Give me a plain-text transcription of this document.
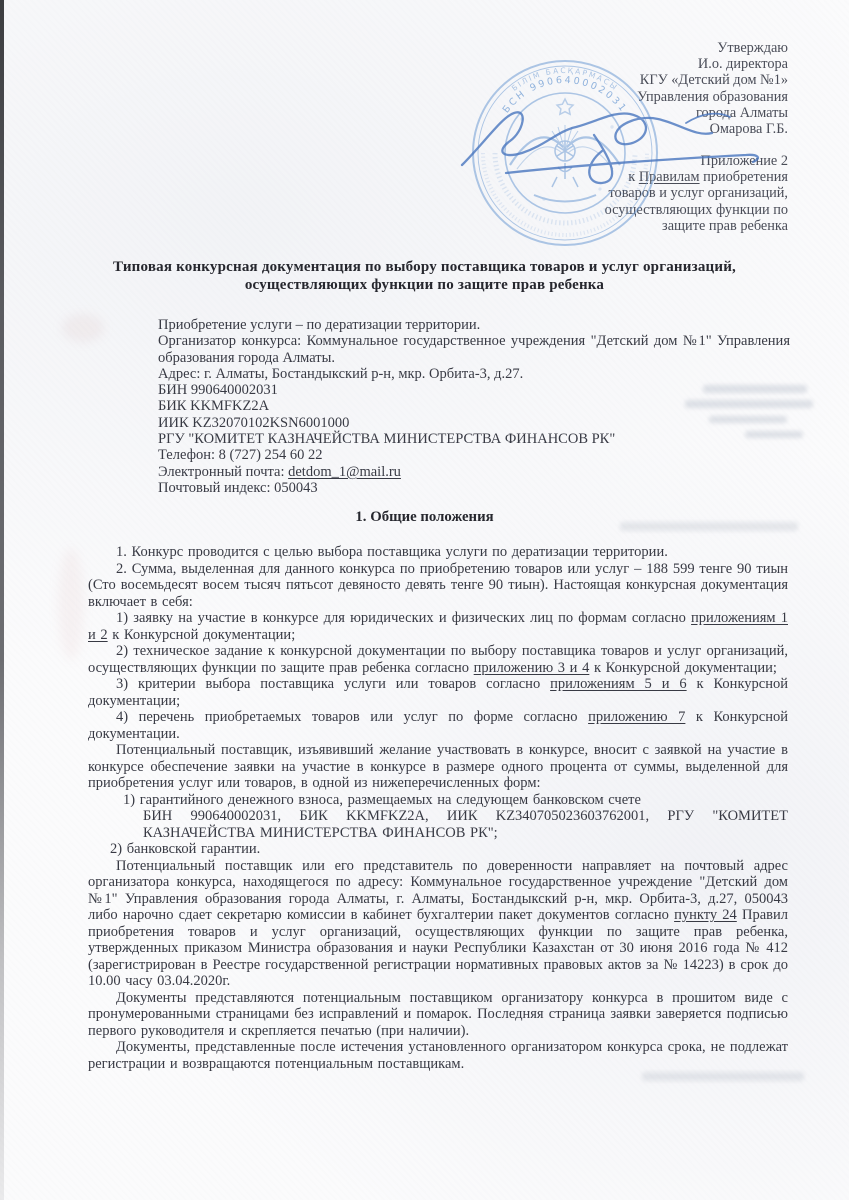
Утверждаю
И.о. директора
КГУ «Детский дом №1»
Управления образования
города Алматы
Омарова Г.Б.
Приложение 2
к Правилам приобретения
товаров и услуг организаций,
осуществляющих функции по
защите прав ребенка
БСН 990640002031
БІЛІМ БАСҚАРМАСЫ
Типовая конкурсная документация по выбору поставщика товаров и услуг организаций,
осуществляющих функции по защите прав ребенка
Приобретение услуги – по дератизации территории.
Организатор конкурса: Коммунальное государственное учреждения "Детский дом №1" Управления образования города Алматы.
Адрес: г. Алматы, Бостандыкский р-н, мкр. Орбита-3, д.27.
БИН 990640002031
БИК KKMFKZ2A
ИИК KZ32070102KSN6001000
РГУ "КОМИТЕТ КАЗНАЧЕЙСТВА МИНИСТЕРСТВА ФИНАНСОВ РК"
Телефон: 8 (727) 254 60 22
Электронный почта: detdom_1@mail.ru
Почтовый индекс: 050043
1. Общие положения

1. Конкурс проводится с целью выбора поставщика услуги по дератизации территории.

2. Сумма, выделенная для данного конкурса по приобретению товаров или услуг – 188 599 тенге 90 тиын (Сто восемьдесят восем тысяч пятьсот девяносто девять тенге 90 тиын). Настоящая конкурсная документация включает в себя:

1) заявку на участие в конкурсе для юридических и физических лиц по формам согласно приложениям 1 и 2 к Конкурсной документации;

2) техническое задание к конкурсной документации по выбору поставщика товаров и услуг организаций, осуществляющих функции по защите прав ребенка согласно приложению 3 и 4 к Конкурсной документации;

3) критерии выбора поставщика услуги или товаров согласно приложениям 5 и 6 к Конкурсной документации;

4) перечень приобретаемых товаров или услуг по форме согласно приложению 7 к Конкурсной документации.

Потенциальный поставщик, изъявивший желание участвовать в конкурсе, вносит с заявкой на участие в конкурсе обеспечение заявки на участие в конкурсе в размере одного процента от суммы, выделенной для приобретения услуг или товаров, в одной из нижеперечисленных форм:

1) гарантийного денежного взноса, размещаемых на следующем банковском счете

БИН 990640002031, БИК KKMFKZ2A, ИИК KZ340705023603762001, РГУ "КОМИТЕТ КАЗНАЧЕЙСТВА МИНИСТЕРСТВА ФИНАНСОВ РК";

2) банковской гарантии.

Потенциальный поставщик или его представитель по доверенности направляет на почтовый адрес организатора конкурса, находящегося по адресу: Коммунальное государственное учреждение "Детский дом №1" Управления образования города Алматы, г. Алматы, Бостандыкский р-н, мкр. Орбита-3, д.27, 050043 либо нарочно сдает секретарю комиссии в кабинет бухгалтерии пакет документов согласно пункту 24 Правил приобретения товаров и услуг организаций, осуществляющих функции по защите прав ребенка, утвержденных приказом Министра образования и науки Республики Казахстан от 30 июня 2016 года № 412 (зарегистрирован в Реестре государственной регистрации нормативных правовых актов за № 14223) в срок до 10.00 часу 03.04.2020г.

Документы представляются потенциальным поставщиком организатору конкурса в прошитом виде с пронумерованными страницами без исправлений и помарок. Последняя страница заявки заверяется подписью первого руководителя и скрепляется печатью (при наличии).

Документы, представленные после истечения установленного организатором конкурса срока, не подлежат регистрации и возвращаются потенциальным поставщикам.
